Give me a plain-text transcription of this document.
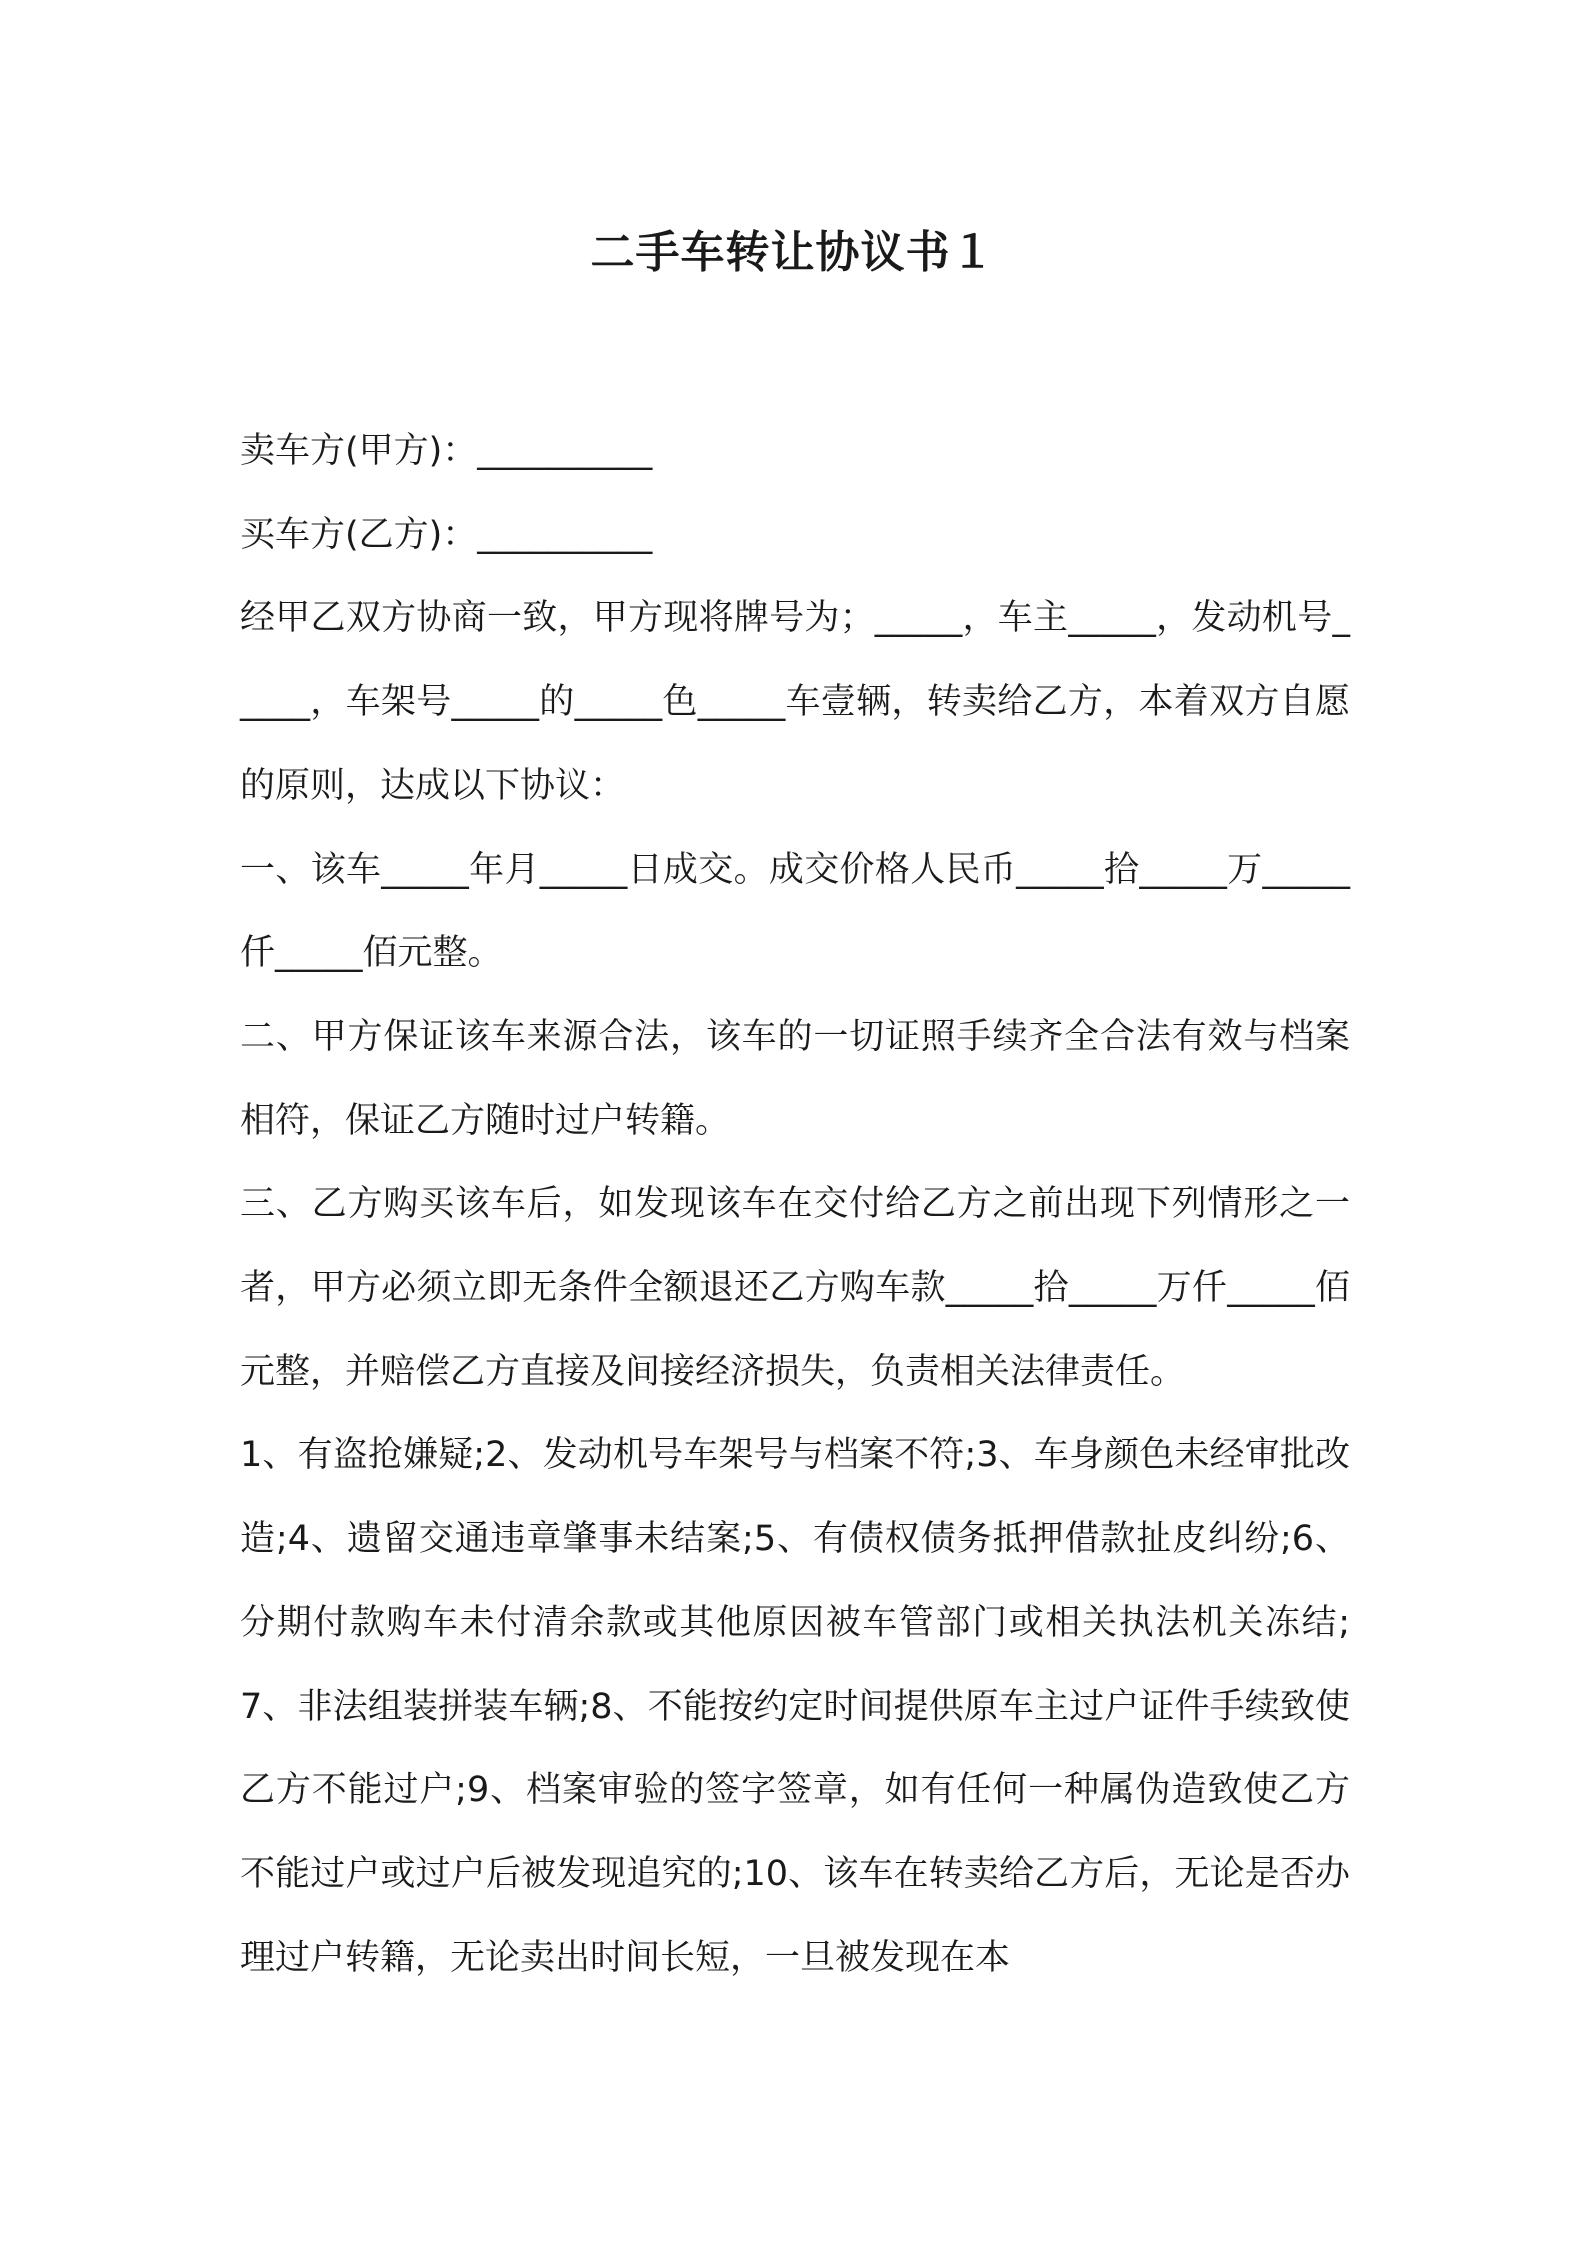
二手车转让协议书１

卖车方(甲方)：__________

买车方(乙方)：__________

经甲乙双方协商一致，甲方现将牌号为；_____，车主_____，发动机号_____，车架号_____的_____色_____车壹辆，转卖给乙方，本着双方自愿的原则，达成以下协议：

一、该车_____年月_____日成交。成交价格人民币_____拾_____万_____仟_____佰元整。

二、甲方保证该车来源合法，该车的一切证照手续齐全合法有效与档案相符，保证乙方随时过户转籍。

三、乙方购买该车后，如发现该车在交付给乙方之前出现下列情形之一者，甲方必须立即无条件全额退还乙方购车款_____拾_____万仟_____佰元整，并赔偿乙方直接及间接经济损失，负责相关法律责任。

1、有盗抢嫌疑;2、发动机号车架号与档案不符;3、车身颜色未经审批改造;4、遗留交通违章肇事未结案;5、有债权债务抵押借款扯皮纠纷;6、分期付款购车未付清余款或其他原因被车管部门或相关执法机关冻结;7、非法组装拼装车辆;8、不能按约定时间提供原车主过户证件手续致使乙方不能过户;9、档案审验的签字签章，如有任何一种属伪造致使乙方不能过户或过户后被发现追究的;10、该车在转卖给乙方后，无论是否办理过户转籍，无论卖出时间长短，一旦被发现在本
